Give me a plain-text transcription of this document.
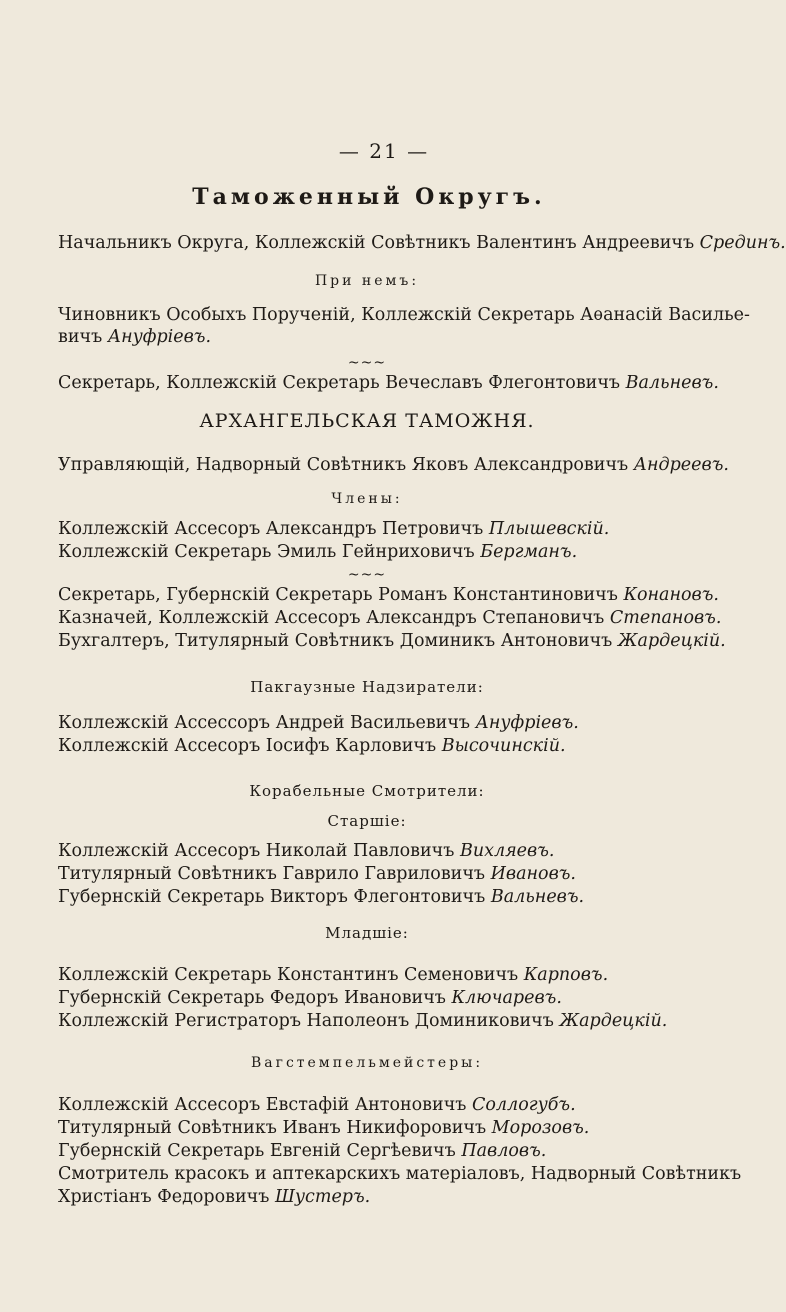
— 21 —
Таможенный Округъ.
Начальникъ Округа, Коллежскій Совѣтникъ Валентинъ Андреевичъ Срединъ.
При немъ:
Чиновникъ Особыхъ Порученій, Коллежскій Секретарь Аѳанасій Василье-
вичъ Ануфріевъ.
~~~
Секретарь, Коллежскій Секретарь Вечеславъ Флегонтовичъ Вальневъ.
АРХАНГЕЛЬСКАЯ ТАМОЖНЯ.
Управляющій, Надворный Совѣтникъ Яковъ Александровичъ Андреевъ.
Члены:
Коллежскій Ассесоръ Александръ Петровичъ Плышевскій.
Коллежскій Секретарь Эмиль Гейнриховичъ Бергманъ.
~~~
Секретарь, Губернскій Секретарь Романъ Константиновичъ Конановъ.
Казначей, Коллежскій Ассесоръ Александръ Степановичъ Степановъ.
Бухгалтеръ, Титулярный Совѣтникъ Доминикъ Антоновичъ Жардецкій.
Пакгаузные Надзиратели:
Коллежскій Ассессоръ Андрей Васильевичъ Ануфріевъ.
Коллежскій Ассесоръ Іосифъ Карловичъ Высочинскій.
Корабельные Смотрители:
Старшіе:
Коллежскій Ассесоръ Николай Павловичъ Вихляевъ.
Титулярный Совѣтникъ Гаврило Гавриловичъ Ивановъ.
Губернскій Секретарь Викторъ Флегонтовичъ Вальневъ.
Младшіе:
Коллежскій Секретарь Константинъ Семеновичъ Карповъ.
Губернскій Секретарь Федоръ Ивановичъ Ключаревъ.
Коллежскій Регистраторъ Наполеонъ Доминиковичъ Жардецкій.
Вагстемпельмейстеры:
Коллежскій Ассесоръ Евстафій Антоновичъ Соллогубъ.
Титулярный Совѣтникъ Иванъ Никифоровичъ Морозовъ.
Губернскій Секретарь Евгеній Сергѣевичъ Павловъ.
Смотритель красокъ и аптекарскихъ матеріаловъ, Надворный Совѣтникъ
Христіанъ Федоровичъ Шустеръ.
